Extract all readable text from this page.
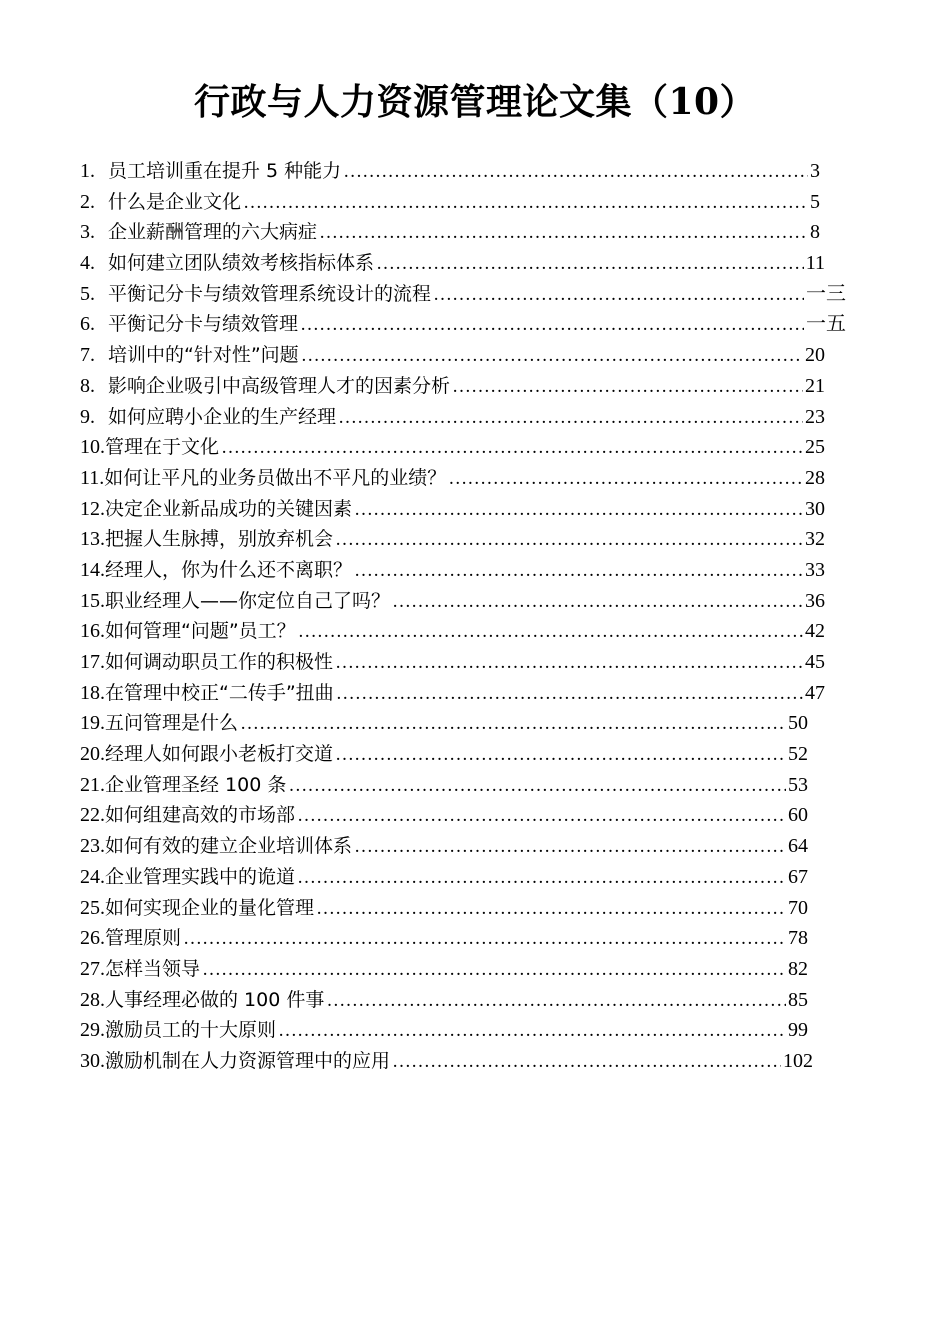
行政与人力资源管理论文集（10）
1. 员工培训重在提升 5 种能力 ……………………………………………………………………………………………………………………………………………………	3
2. 什么是企业文化 ……………………………………………………………………………………………………………………………………………………	5
3. 企业薪酬管理的六大病症 ……………………………………………………………………………………………………………………………………………………	8
4. 如何建立团队绩效考核指标体系 ……………………………………………………………………………………………………………………………………………………	11
5. 平衡记分卡与绩效管理系统设计的流程 ……………………………………………………………………………………………………………………………………………………	一三
6. 平衡记分卡与绩效管理 ……………………………………………………………………………………………………………………………………………………	一五
7. 培训中的“针对性”问题 ……………………………………………………………………………………………………………………………………………………	20
8. 影响企业吸引中高级管理人才的因素分析 ……………………………………………………………………………………………………………………………………………………	21
9. 如何应聘小企业的生产经理 ……………………………………………………………………………………………………………………………………………………	23
10. 管理在于文化 ……………………………………………………………………………………………………………………………………………………	25
11. 如何让平凡的业务员做出不平凡的业绩？ ……………………………………………………………………………………………………………………………………………………	28
12. 决定企业新品成功的关键因素 ……………………………………………………………………………………………………………………………………………………	30
13. 把握人生脉搏，别放弃机会 ……………………………………………………………………………………………………………………………………………………	32
14. 经理人，你为什么还不离职？ ……………………………………………………………………………………………………………………………………………………	33
15. 职业经理人——你定位自己了吗？ ……………………………………………………………………………………………………………………………………………………	36
16. 如何管理“问题”员工？ ……………………………………………………………………………………………………………………………………………………	42
17. 如何调动职员工作的积极性 ……………………………………………………………………………………………………………………………………………………	45
18. 在管理中校正“二传手”扭曲 ……………………………………………………………………………………………………………………………………………………	47
19. 五问管理是什么 ……………………………………………………………………………………………………………………………………………………	50
20. 经理人如何跟小老板打交道 ……………………………………………………………………………………………………………………………………………………	52
21. 企业管理圣经 100 条 ……………………………………………………………………………………………………………………………………………………	53
22. 如何组建高效的市场部 ……………………………………………………………………………………………………………………………………………………	60
23. 如何有效的建立企业培训体系 ……………………………………………………………………………………………………………………………………………………	64
24. 企业管理实践中的诡道 ……………………………………………………………………………………………………………………………………………………	67
25. 如何实现企业的量化管理 ……………………………………………………………………………………………………………………………………………………	70
26. 管理原则 ……………………………………………………………………………………………………………………………………………………	78
27. 怎样当领导 ……………………………………………………………………………………………………………………………………………………	82
28. 人事经理必做的 100 件事 ……………………………………………………………………………………………………………………………………………………	85
29. 激励员工的十大原则 ……………………………………………………………………………………………………………………………………………………	99
30. 激励机制在人力资源管理中的应用 ……………………………………………………………………………………………………………………………………………………	102
